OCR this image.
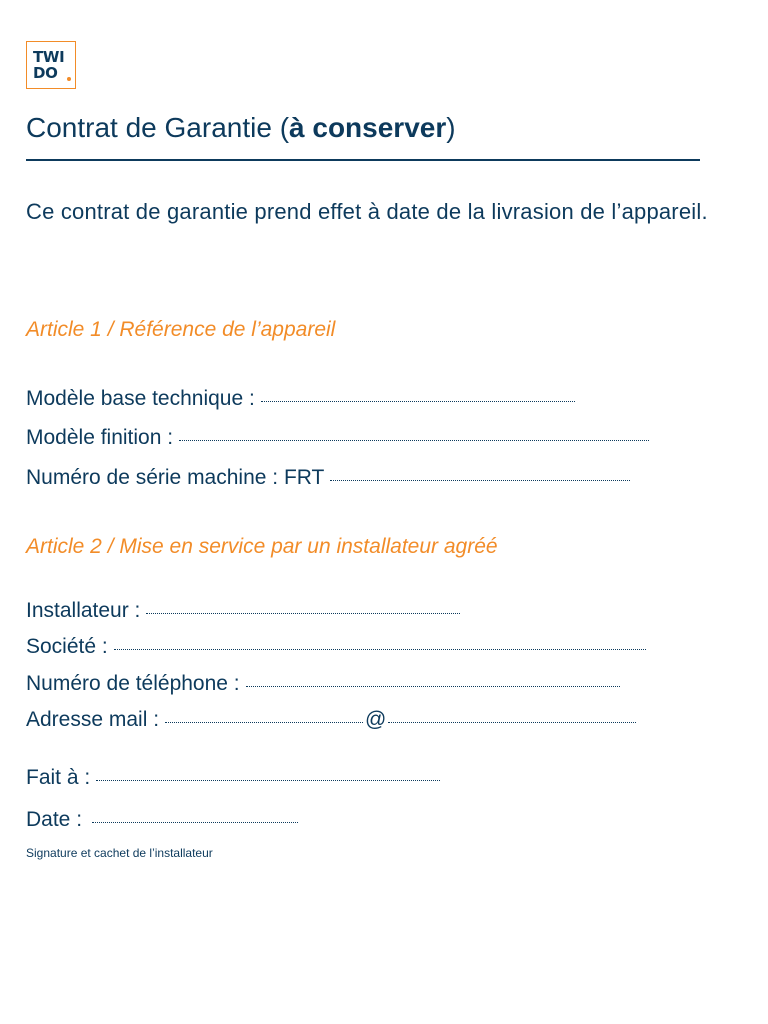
TWI
DO
Contrat de Garantie (à conserver)
Ce contrat de garantie prend effet à date de la livrasion de l’appareil.
Article 1 / Référence de l’appareil
Modèle base technique :
Modèle finition :
Numéro de série machine : FRT
Article 2 / Mise en service par un installateur agréé
Installateur :
Société :
Numéro de téléphone :
Adresse mail :	@
Fait à :
Date :
Signature et cachet de l’installateur
